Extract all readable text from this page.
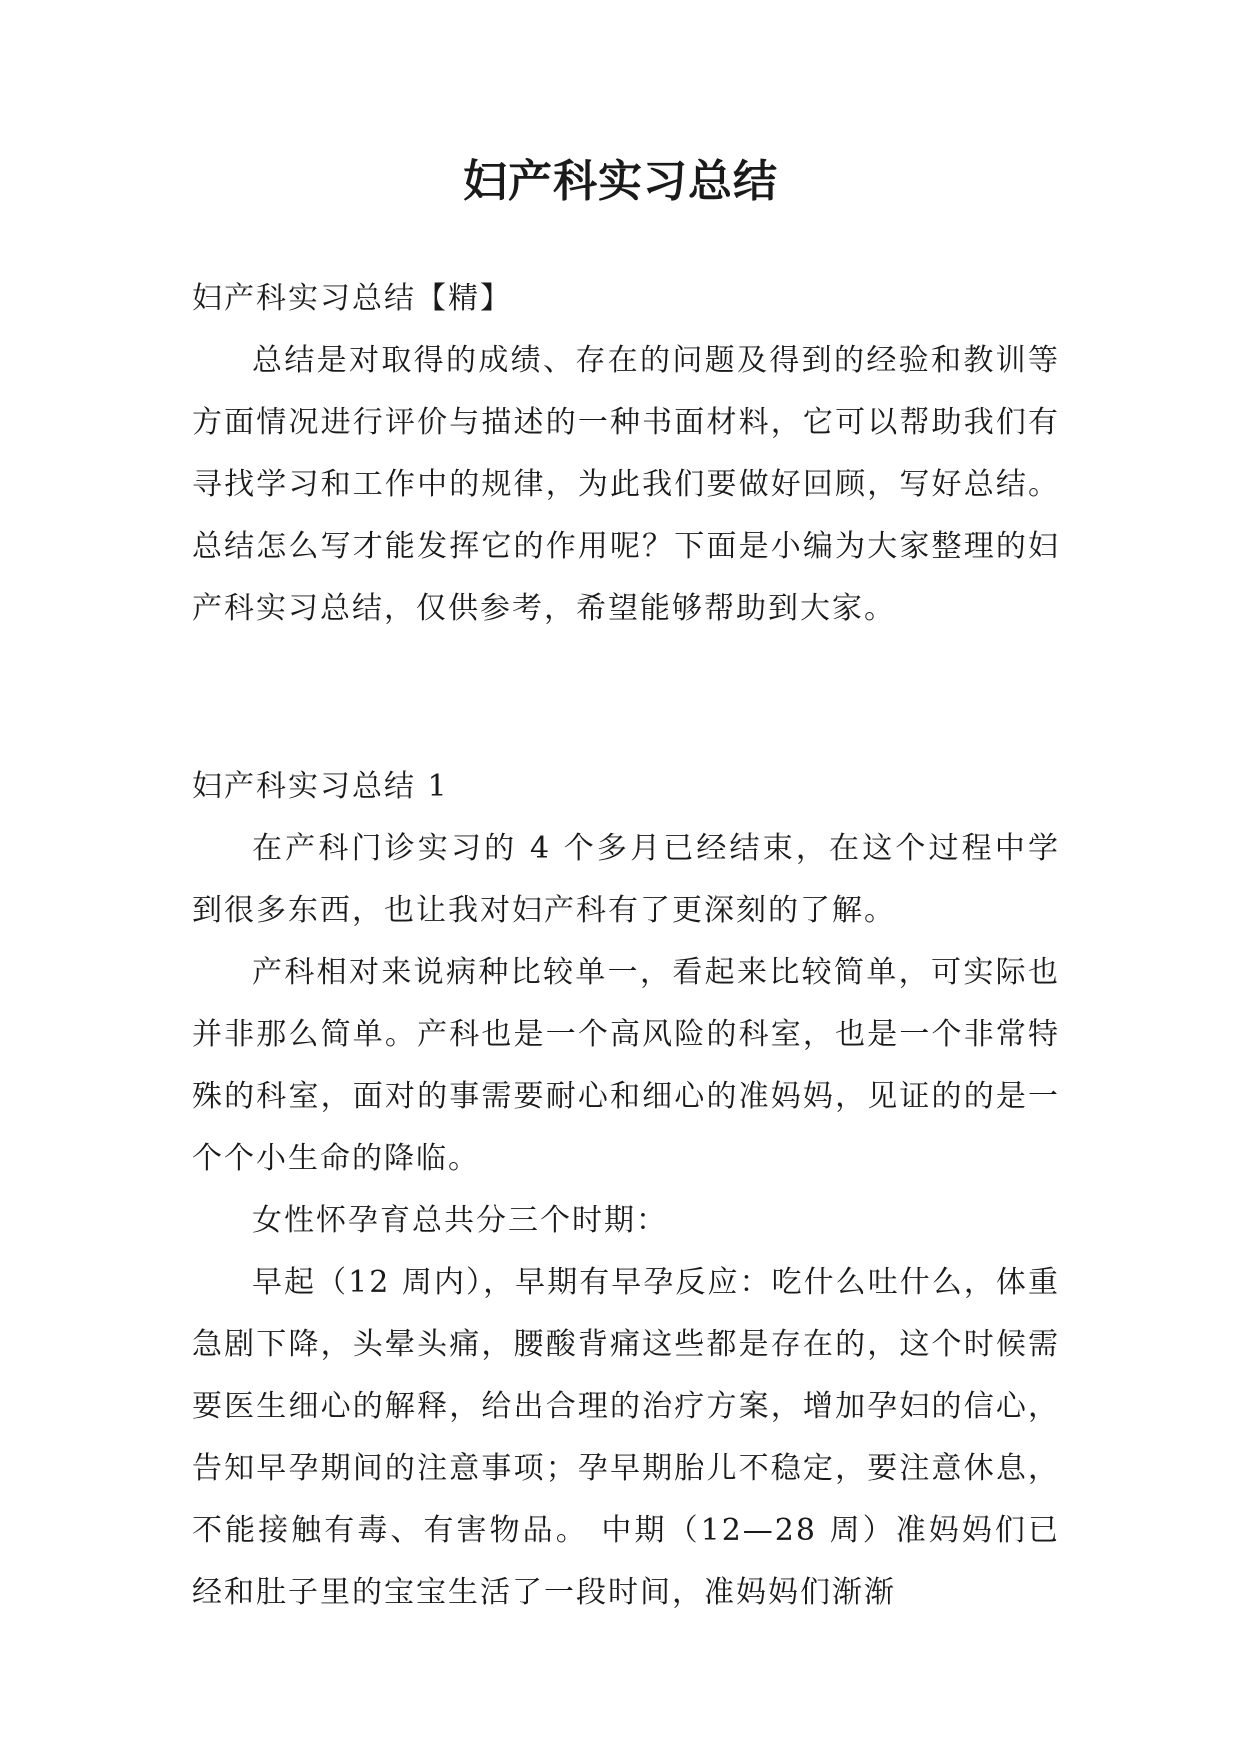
妇产科实习总结

妇产科实习总结【精】

总结是对取得的成绩、存在的问题及得到的经验和教训等方面情况进行评价与描述的一种书面材料，它可以帮助我们有寻找学习和工作中的规律，为此我们要做好回顾，写好总结。总结怎么写才能发挥它的作用呢？下面是小编为大家整理的妇产科实习总结，仅供参考，希望能够帮助到大家。

妇产科实习总结 1

在产科门诊实习的 4 个多月已经结束，在这个过程中学到很多东西，也让我对妇产科有了更深刻的了解。

产科相对来说病种比较单一，看起来比较简单，可实际也并非那么简单。产科也是一个高风险的科室，也是一个非常特殊的科室，面对的事需要耐心和细心的准妈妈，见证的的是一个个小生命的降临。

女性怀孕育总共分三个时期：

早起（12 周内），早期有早孕反应：吃什么吐什么，体重急剧下降，头晕头痛，腰酸背痛这些都是存在的，这个时候需要医生细心的解释，给出合理的治疗方案，增加孕妇的信心，告知早孕期间的注意事项；孕早期胎儿不稳定，要注意休息，不能接触有毒、有害物品。 中期（12—28 周）准妈妈们已经和肚子里的宝宝生活了一段时间，准妈妈们渐渐
